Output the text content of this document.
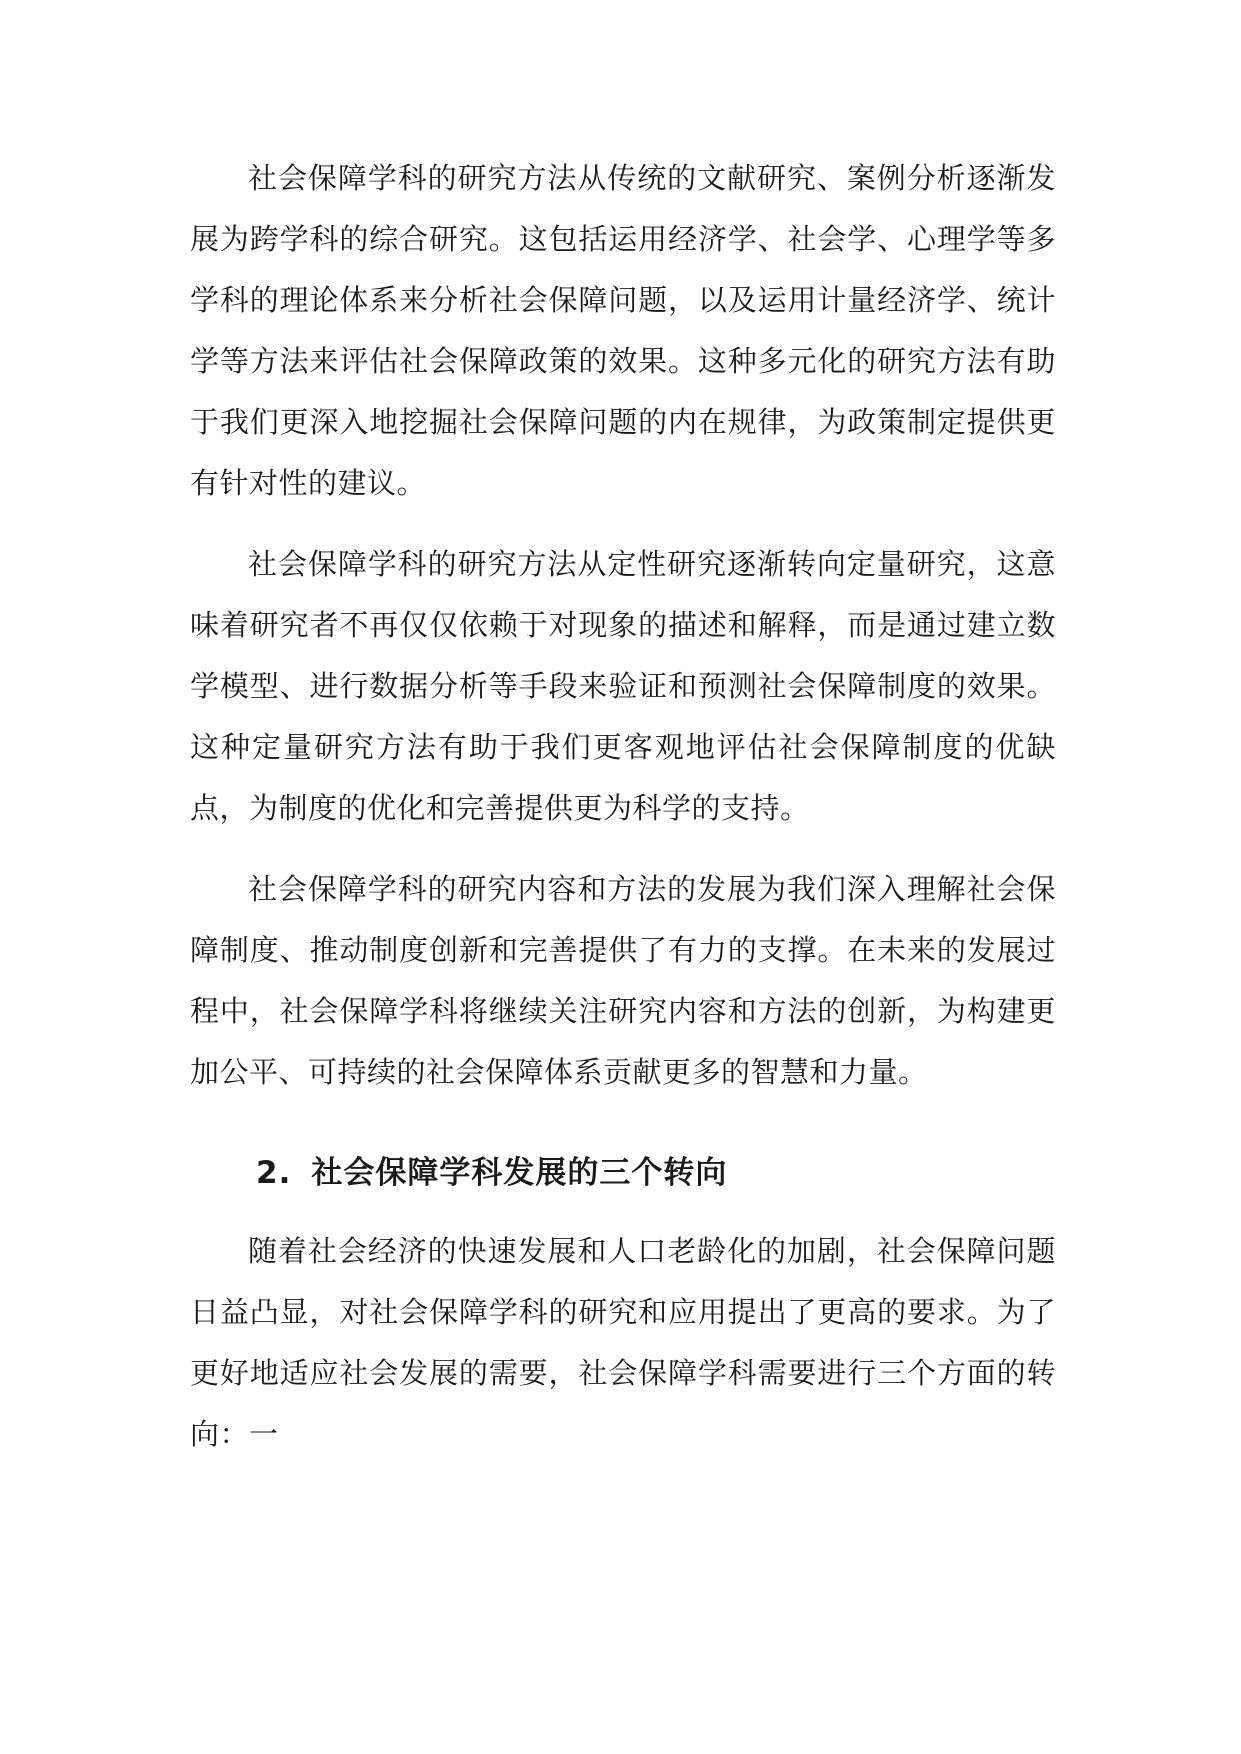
社会保障学科的研究方法从传统的文献研究、案例分析逐渐发展为跨学科的综合研究。这包括运用经济学、社会学、心理学等多学科的理论体系来分析社会保障问题，以及运用计量经济学、统计学等方法来评估社会保障政策的效果。这种多元化的研究方法有助于我们更深入地挖掘社会保障问题的内在规律，为政策制定提供更有针对性的建议。

社会保障学科的研究方法从定性研究逐渐转向定量研究，这意味着研究者不再仅仅依赖于对现象的描述和解释，而是通过建立数学模型、进行数据分析等手段来验证和预测社会保障制度的效果。这种定量研究方法有助于我们更客观地评估社会保障制度的优缺点，为制度的优化和完善提供更为科学的支持。

社会保障学科的研究内容和方法的发展为我们深入理解社会保障制度、推动制度创新和完善提供了有力的支撑。在未来的发展过程中，社会保障学科将继续关注研究内容和方法的创新，为构建更加公平、可持续的社会保障体系贡献更多的智慧和力量。

2. 社会保障学科发展的三个转向

随着社会经济的快速发展和人口老龄化的加剧，社会保障问题日益凸显，对社会保障学科的研究和应用提出了更高的要求。为了更好地适应社会发展的需要，社会保障学科需要进行三个方面的转向：一
